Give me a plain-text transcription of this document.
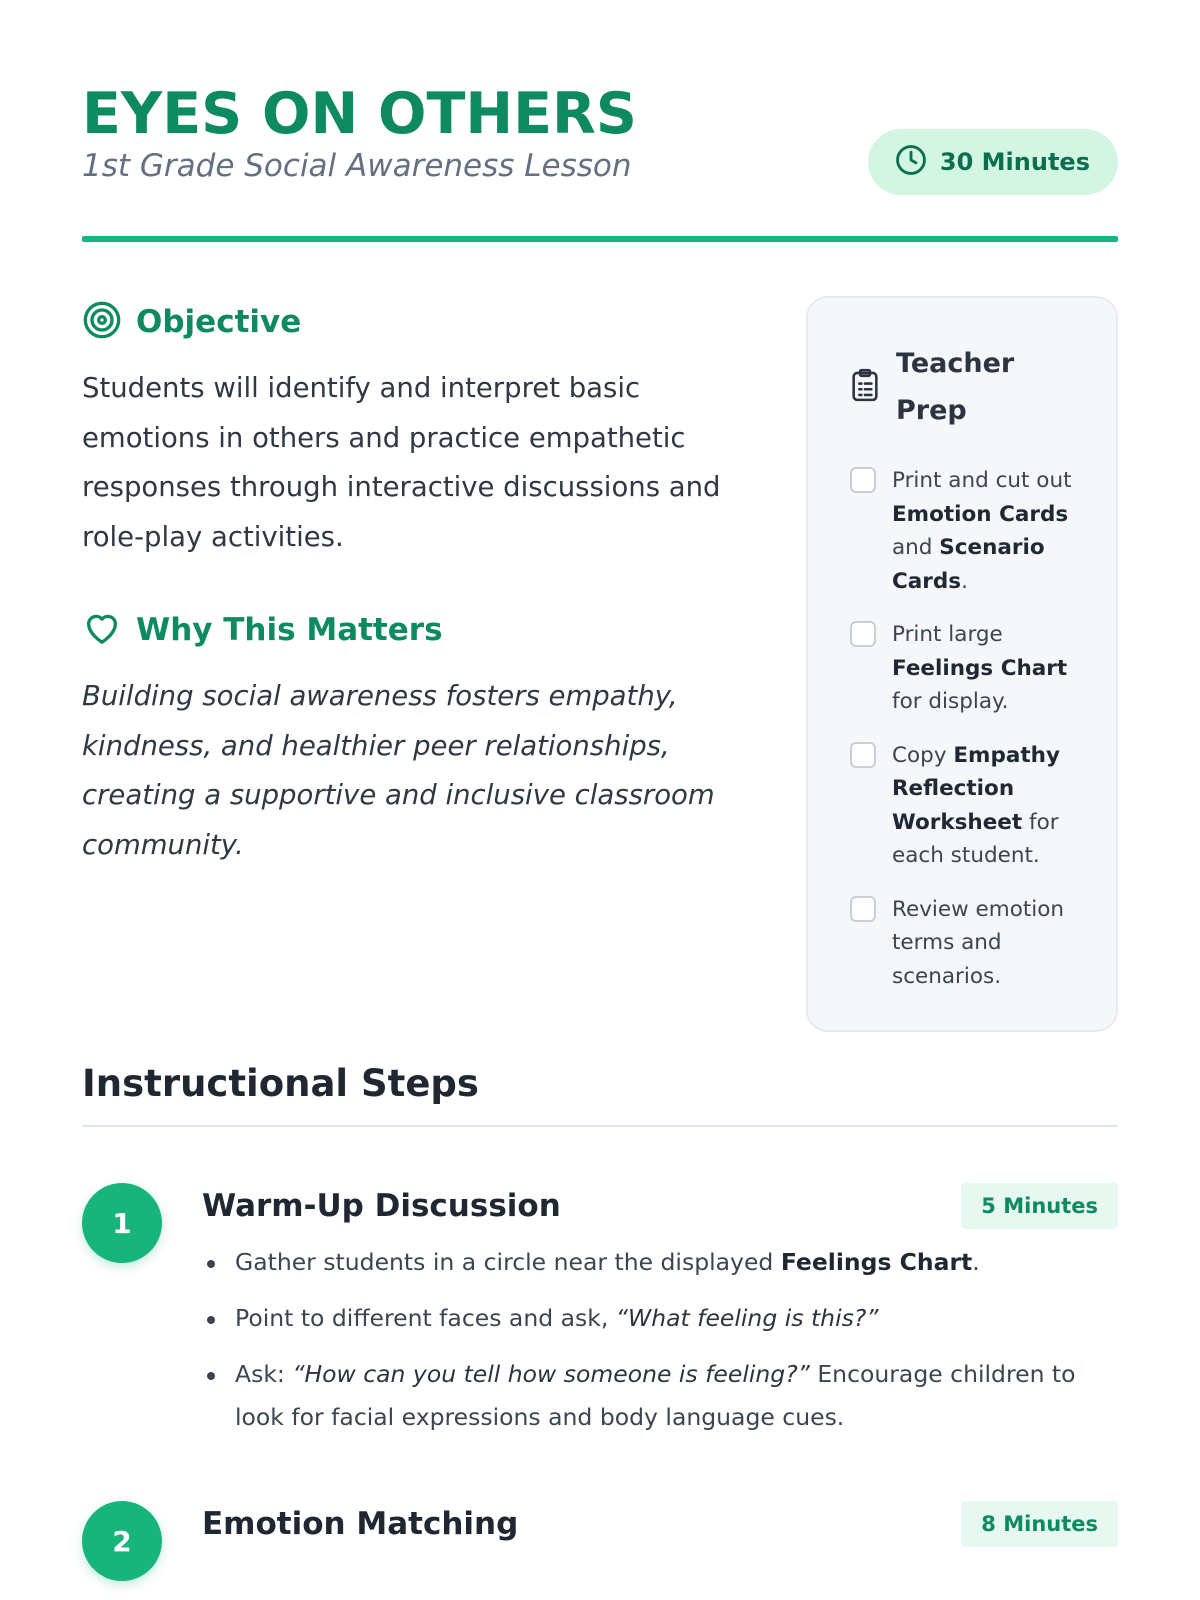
EYES ON OTHERS
1st Grade Social Awareness Lesson	30 Minutes
Objective

Students will identify and interpret basic emotions in others and practice empathetic responses through interactive discussions and role-play activities.

Why This Matters

Building social awareness fosters empathy, kindness, and healthier peer relationships, creating a supportive and inclusive classroom community.

Teacher Prep
Print and cut out Emotion Cards and Scenario Cards.
Print large Feelings Chart for display.
Copy Empathy Reflection Worksheet for each student.
Review emotion terms and scenarios.
Instructional Steps
1	Warm-Up Discussion	5 Minutes
Gather students in a circle near the displayed Feelings Chart.
Point to different faces and ask, “What feeling is this?”
Ask: “How can you tell how someone is feeling?” Encourage children to look for facial expressions and body language cues.
2	Emotion Matching	8 Minutes
